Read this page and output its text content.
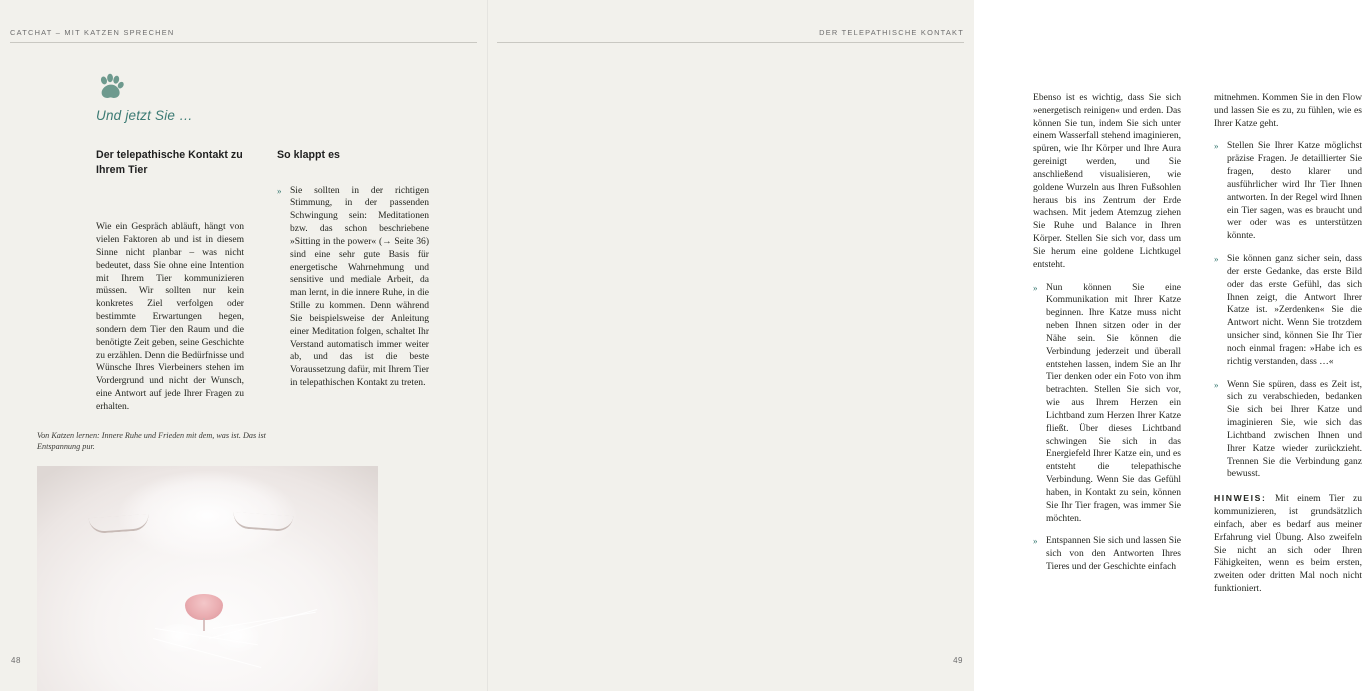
CATCHAT – MIT KATZEN SPRECHEN
Und jetzt Sie …
Der telepathische Kontakt zu Ihrem Tier
Wie ein Gespräch abläuft, hängt von vielen Faktoren ab und ist in diesem Sinne nicht planbar – was nicht bedeutet, dass Sie ohne eine Intention mit Ihrem Tier kommunizieren müssen. Wir sollten nur kein konkretes Ziel verfolgen oder bestimmte Erwartungen hegen, sondern dem Tier den Raum und die benötigte Zeit geben, seine Geschichte zu erzählen. Denn die Bedürfnisse und Wünsche Ihres Vierbeiners stehen im Vordergrund und nicht der Wunsch, eine Antwort auf jede Ihrer Fragen zu erhalten.
So klappt es
» Sie sollten in der richtigen Stimmung, in der passenden Schwingung sein: Meditationen bzw. das schon beschriebene »Sitting in the power« (→ Seite 36) sind eine sehr gute Basis für energetische Wahrnehmung und sensitive und mediale Arbeit, da man lernt, in die innere Ruhe, in die Stille zu kommen. Denn während Sie beispielsweise der Anleitung einer Meditation folgen, schaltet Ihr Verstand automatisch immer weiter ab, und das ist die beste Voraussetzung dafür, mit Ihrem Tier in telepathischen Kontakt zu treten.
Von Katzen lernen: Innere Ruhe und Frieden mit dem, was ist. Das ist Entspannung pur.
48
DER TELEPATHISCHE KONTAKT

Ebenso ist es wichtig, dass Sie sich »energetisch reinigen« und erden. Das können Sie tun, indem Sie sich unter einem Wasserfall stehend imaginieren, spüren, wie Ihr Körper und Ihre Aura gereinigt werden, und Sie anschließend visualisieren, wie goldene Wurzeln aus Ihren Fußsohlen heraus bis ins Zentrum der Erde wachsen. Mit jedem Atemzug ziehen Sie Ruhe und Balance in Ihren Körper. Stellen Sie sich vor, dass um Sie herum eine goldene Lichtkugel entsteht.

» Nun können Sie eine Kommunikation mit Ihrer Katze beginnen. Ihre Katze muss nicht neben Ihnen sitzen oder in der Nähe sein. Sie können die Verbindung jederzeit und überall entstehen lassen, indem Sie an Ihr Tier denken oder ein Foto von ihm betrachten. Stellen Sie sich vor, wie aus Ihrem Herzen ein Lichtband zum Herzen Ihrer Katze fließt. Über dieses Lichtband schwingen Sie sich in das Energiefeld Ihrer Katze ein, und es entsteht die telepathische Verbindung. Wenn Sie das Gefühl haben, in Kontakt zu sein, können Sie Ihr Tier fragen, was immer Sie möchten.
» Entspannen Sie sich und lassen Sie sich von den Antworten Ihres Tieres und der Geschichte einfach

mitnehmen. Kommen Sie in den Flow und lassen Sie es zu, zu fühlen, wie es Ihrer Katze geht.

» Stellen Sie Ihrer Katze möglichst präzise Fragen. Je detaillierter Sie fragen, desto klarer und ausführlicher wird Ihr Tier Ihnen antworten. In der Regel wird Ihnen ein Tier sagen, was es braucht und wer oder was es unterstützen könnte.
» Sie können ganz sicher sein, dass der erste Gedanke, das erste Bild oder das erste Gefühl, das sich Ihnen zeigt, die Antwort Ihrer Katze ist. »Zerdenken« Sie die Antwort nicht. Wenn Sie trotzdem unsicher sind, können Sie Ihr Tier noch einmal fragen: »Habe ich es richtig verstanden, dass …«
» Wenn Sie spüren, dass es Zeit ist, sich zu verabschieden, bedanken Sie sich bei Ihrer Katze und imaginieren Sie, wie sich das Lichtband zwischen Ihnen und Ihrer Katze wieder zurückzieht. Trennen Sie die Verbindung ganz bewusst.

HINWEIS: Mit einem Tier zu kommunizieren, ist grundsätzlich einfach, aber es bedarf aus meiner Erfahrung viel Übung. Also zweifeln Sie nicht an sich oder Ihren Fähigkeiten, wenn es beim ersten, zweiten oder dritten Mal noch nicht funktioniert.

49
